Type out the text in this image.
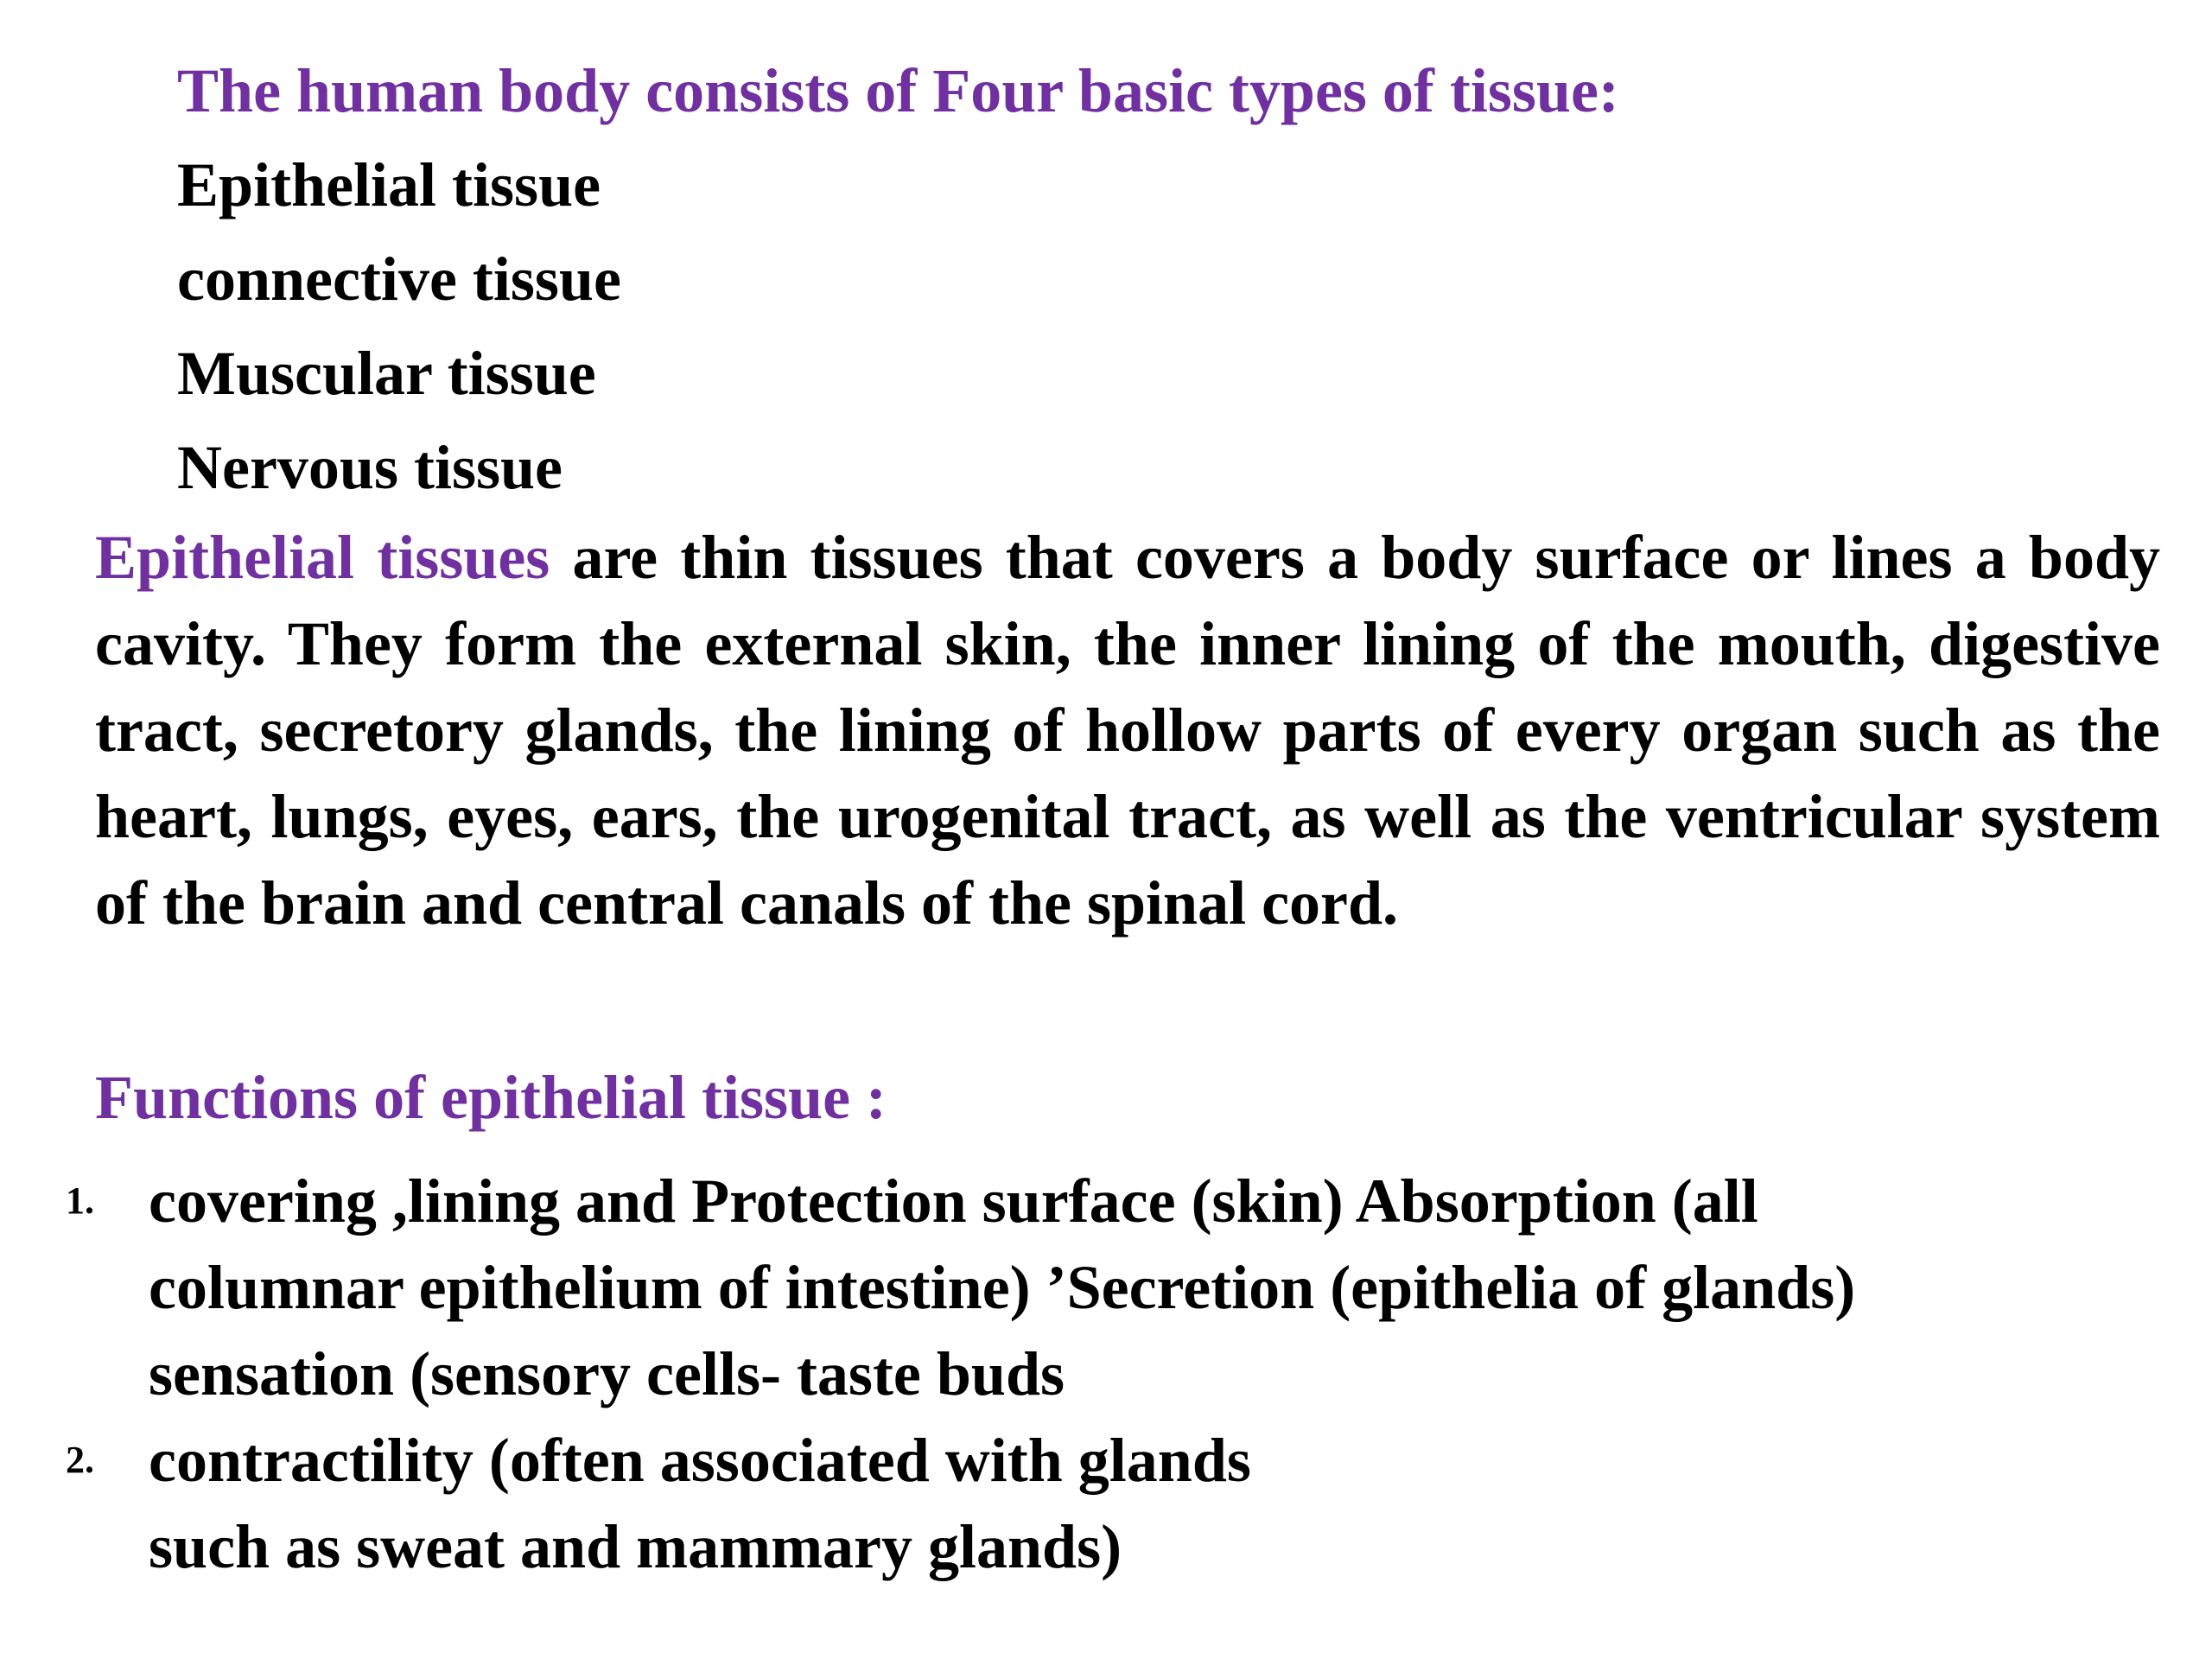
The human body consists of Four basic types of tissue:
Epithelial tissue
connective tissue
Muscular tissue
Nervous tissue

Epithelial tissues are thin tissues that covers a body surface or lines a body cavity. They form the external skin, the inner lining of the mouth, digestive tract, secretory glands, the lining of hollow parts of every organ such as the heart, lungs, eyes, ears, the urogenital tract, as well as the ventricular system of the brain and central canals of the spinal cord.

Functions of epithelial tissue :
1. covering ,lining and Protection surface (skin) Absorption (all
columnar epithelium of intestine) ʼSecretion (epithelia of glands)
sensation (sensory cells- taste buds
2. contractility (often associated with glands
such as sweat and mammary glands)
